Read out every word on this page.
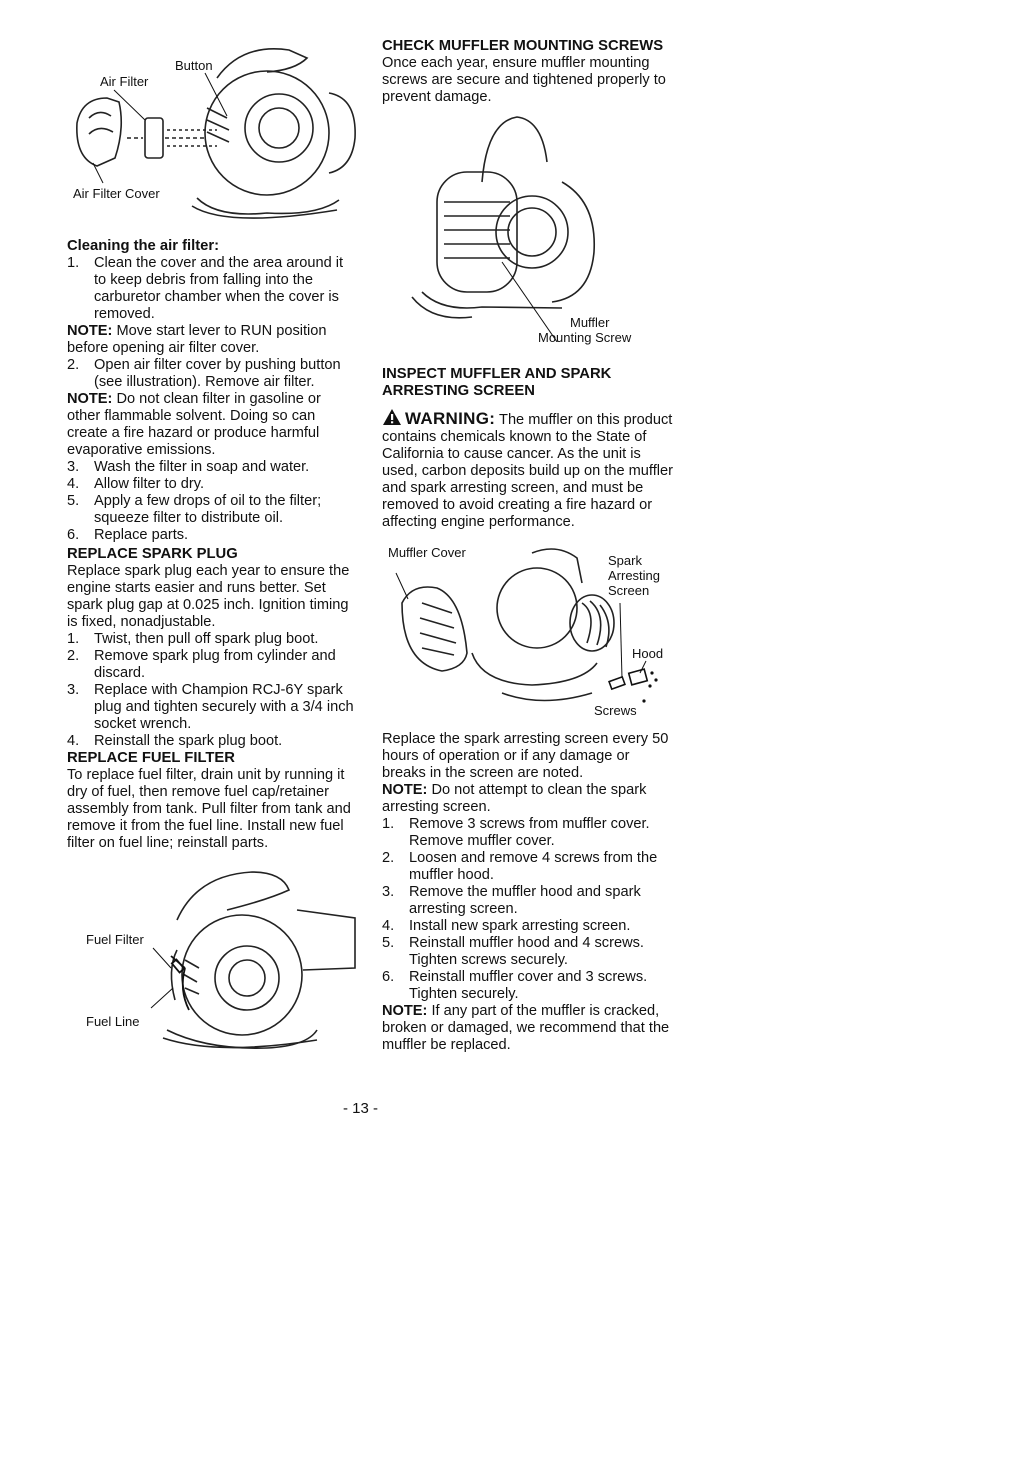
Button
Air Filter
Air Filter Cover
Cleaning the air filter:
1.	Clean the cover and the area around it to keep debris from falling into the carburetor chamber when the cover is removed.

NOTE: Move start lever to RUN position before opening air filter cover.

2.	Open air filter cover by pushing button (see illustration). Remove air filter.

NOTE: Do not clean filter in gasoline or other flammable solvent. Doing so can create a fire hazard or produce harmful evaporative emissions.

3.	Wash the filter in soap and water.
4.	Allow filter to dry.
5.	Apply a few drops of oil to the filter; squeeze filter to distribute oil.
6.	Replace parts.
REPLACE SPARK PLUG

Replace spark plug each year to ensure the engine starts easier and runs better. Set spark plug gap at 0.025 inch. Ignition timing is fixed, nonadjustable.

1.	Twist, then pull off spark plug boot.
2.	Remove spark plug from cylinder and discard.
3.	Replace with Champion RCJ-6Y spark plug and tighten securely with a 3/4 inch socket wrench.
4.	Reinstall the spark plug boot.
REPLACE FUEL FILTER

To replace fuel filter, drain unit by running it dry of fuel, then remove fuel cap/retainer assembly from tank. Pull filter from tank and remove it from the fuel line. Install new fuel filter on fuel line; reinstall parts.

Fuel Filter
Fuel Line
CHECK MUFFLER MOUNTING SCREWS

Once each year, ensure muffler mounting screws are secure and tightened properly to prevent damage.

Muffler
Mounting Screw
INSPECT MUFFLER AND SPARK ARRESTING SCREEN

WARNING: The muffler on this product contains chemicals known to the State of California to cause cancer. As the unit is used, carbon deposits build up on the muffler and spark arresting screen, and must be removed to avoid creating a fire hazard or affecting engine performance.

Muffler Cover
Spark
Arresting
Screen
Hood
Screws

Replace the spark arresting screen every 50 hours of operation or if any damage or breaks in the screen are noted.

NOTE: Do not attempt to clean the spark arresting screen.

1.	Remove 3 screws from muffler cover. Remove muffler cover.
2.	Loosen and remove 4 screws from the muffler hood.
3.	Remove the muffler hood and spark arresting screen.
4.	Install new spark arresting screen.
5.	Reinstall muffler hood and 4 screws. Tighten screws securely.
6.	Reinstall muffler cover and 3 screws. Tighten securely.

NOTE: If any part of the muffler is cracked, broken or damaged, we recommend that the muffler be replaced.

- 13 -
